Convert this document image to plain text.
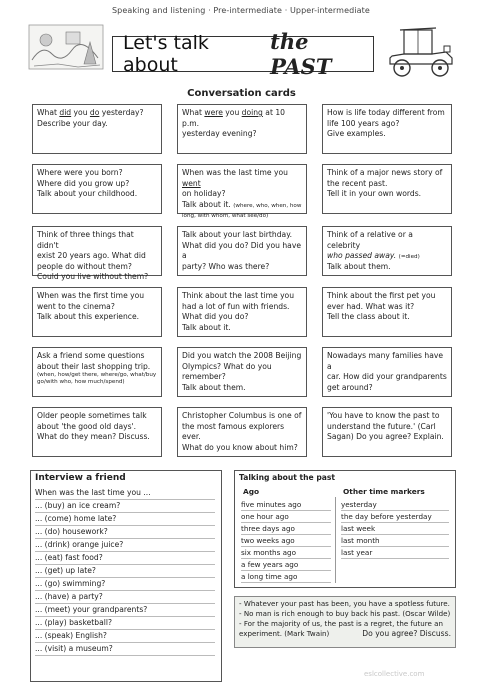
Speaking and listening · Pre-intermediate · Upper-intermediate
Let's talk about
the PAST
Conversation cards
What did you do yesterday?
Describe your day.
What were you doing at 10 p.m.
yesterday evening?
How is life today different from
life 100 years ago?
Give examples.
Where were you born?
Where did you grow up?
Talk about your childhood.
When was the last time you went
on holiday?
Talk about it. (where, who, when, how long, with whom, what see/do)
Think of a major news story of
the recent past.
Tell it in your own words.
Think of three things that didn't
exist 20 years ago. What did
people do without them?
Could you live without them?
Talk about your last birthday.
What did you do? Did you have a
party? Who was there?
Think of a relative or a celebrity
who passed away. (=died)
Talk about them.
When was the first time you
went to the cinema?
Talk about this experience.
Think about the last time you
had a lot of fun with friends.
What did you do?
Talk about it.
Think about the first pet you
ever had. What was it?
Tell the class about it.
Ask a friend some questions
about their last shopping trip.
(when, how/get there, where/go, what/buy go/with who, how much/spend)
Did you watch the 2008 Beijing
Olympics? What do you
remember?
Talk about them.
Nowadays many families have a
car. How did your grandparents
get around?
Older people sometimes talk
about 'the good old days'.
What do they mean? Discuss.
Christopher Columbus is one of
the most famous explorers ever.
What do you know about him?
'You have to know the past to
understand the future.' (Carl
Sagan) Do you agree? Explain.
Interview a friend
When was the last time you ...
... (buy) an ice cream?
... (come) home late?
... (do) housework?
... (drink) orange juice?
... (eat) fast food?
... (get) up late?
... (go) swimming?
... (have) a party?
... (meet) your grandparents?
... (play) basketball?
... (speak) English?
... (visit) a museum?
Talking about the past
Ago	Other time markers
five minutes ago
one hour ago
three days ago
two weeks ago
six months ago
a few years ago
a long time ago
yesterday
the day before yesterday
last week
last month
last year
- Whatever your past has been, you have a spotless future.
- No man is rich enough to buy back his past. (Oscar Wilde)
- For the majority of us, the past is a regret, the future an
experiment. (Mark Twain)	Do you agree? Discuss.
eslcollective.com
